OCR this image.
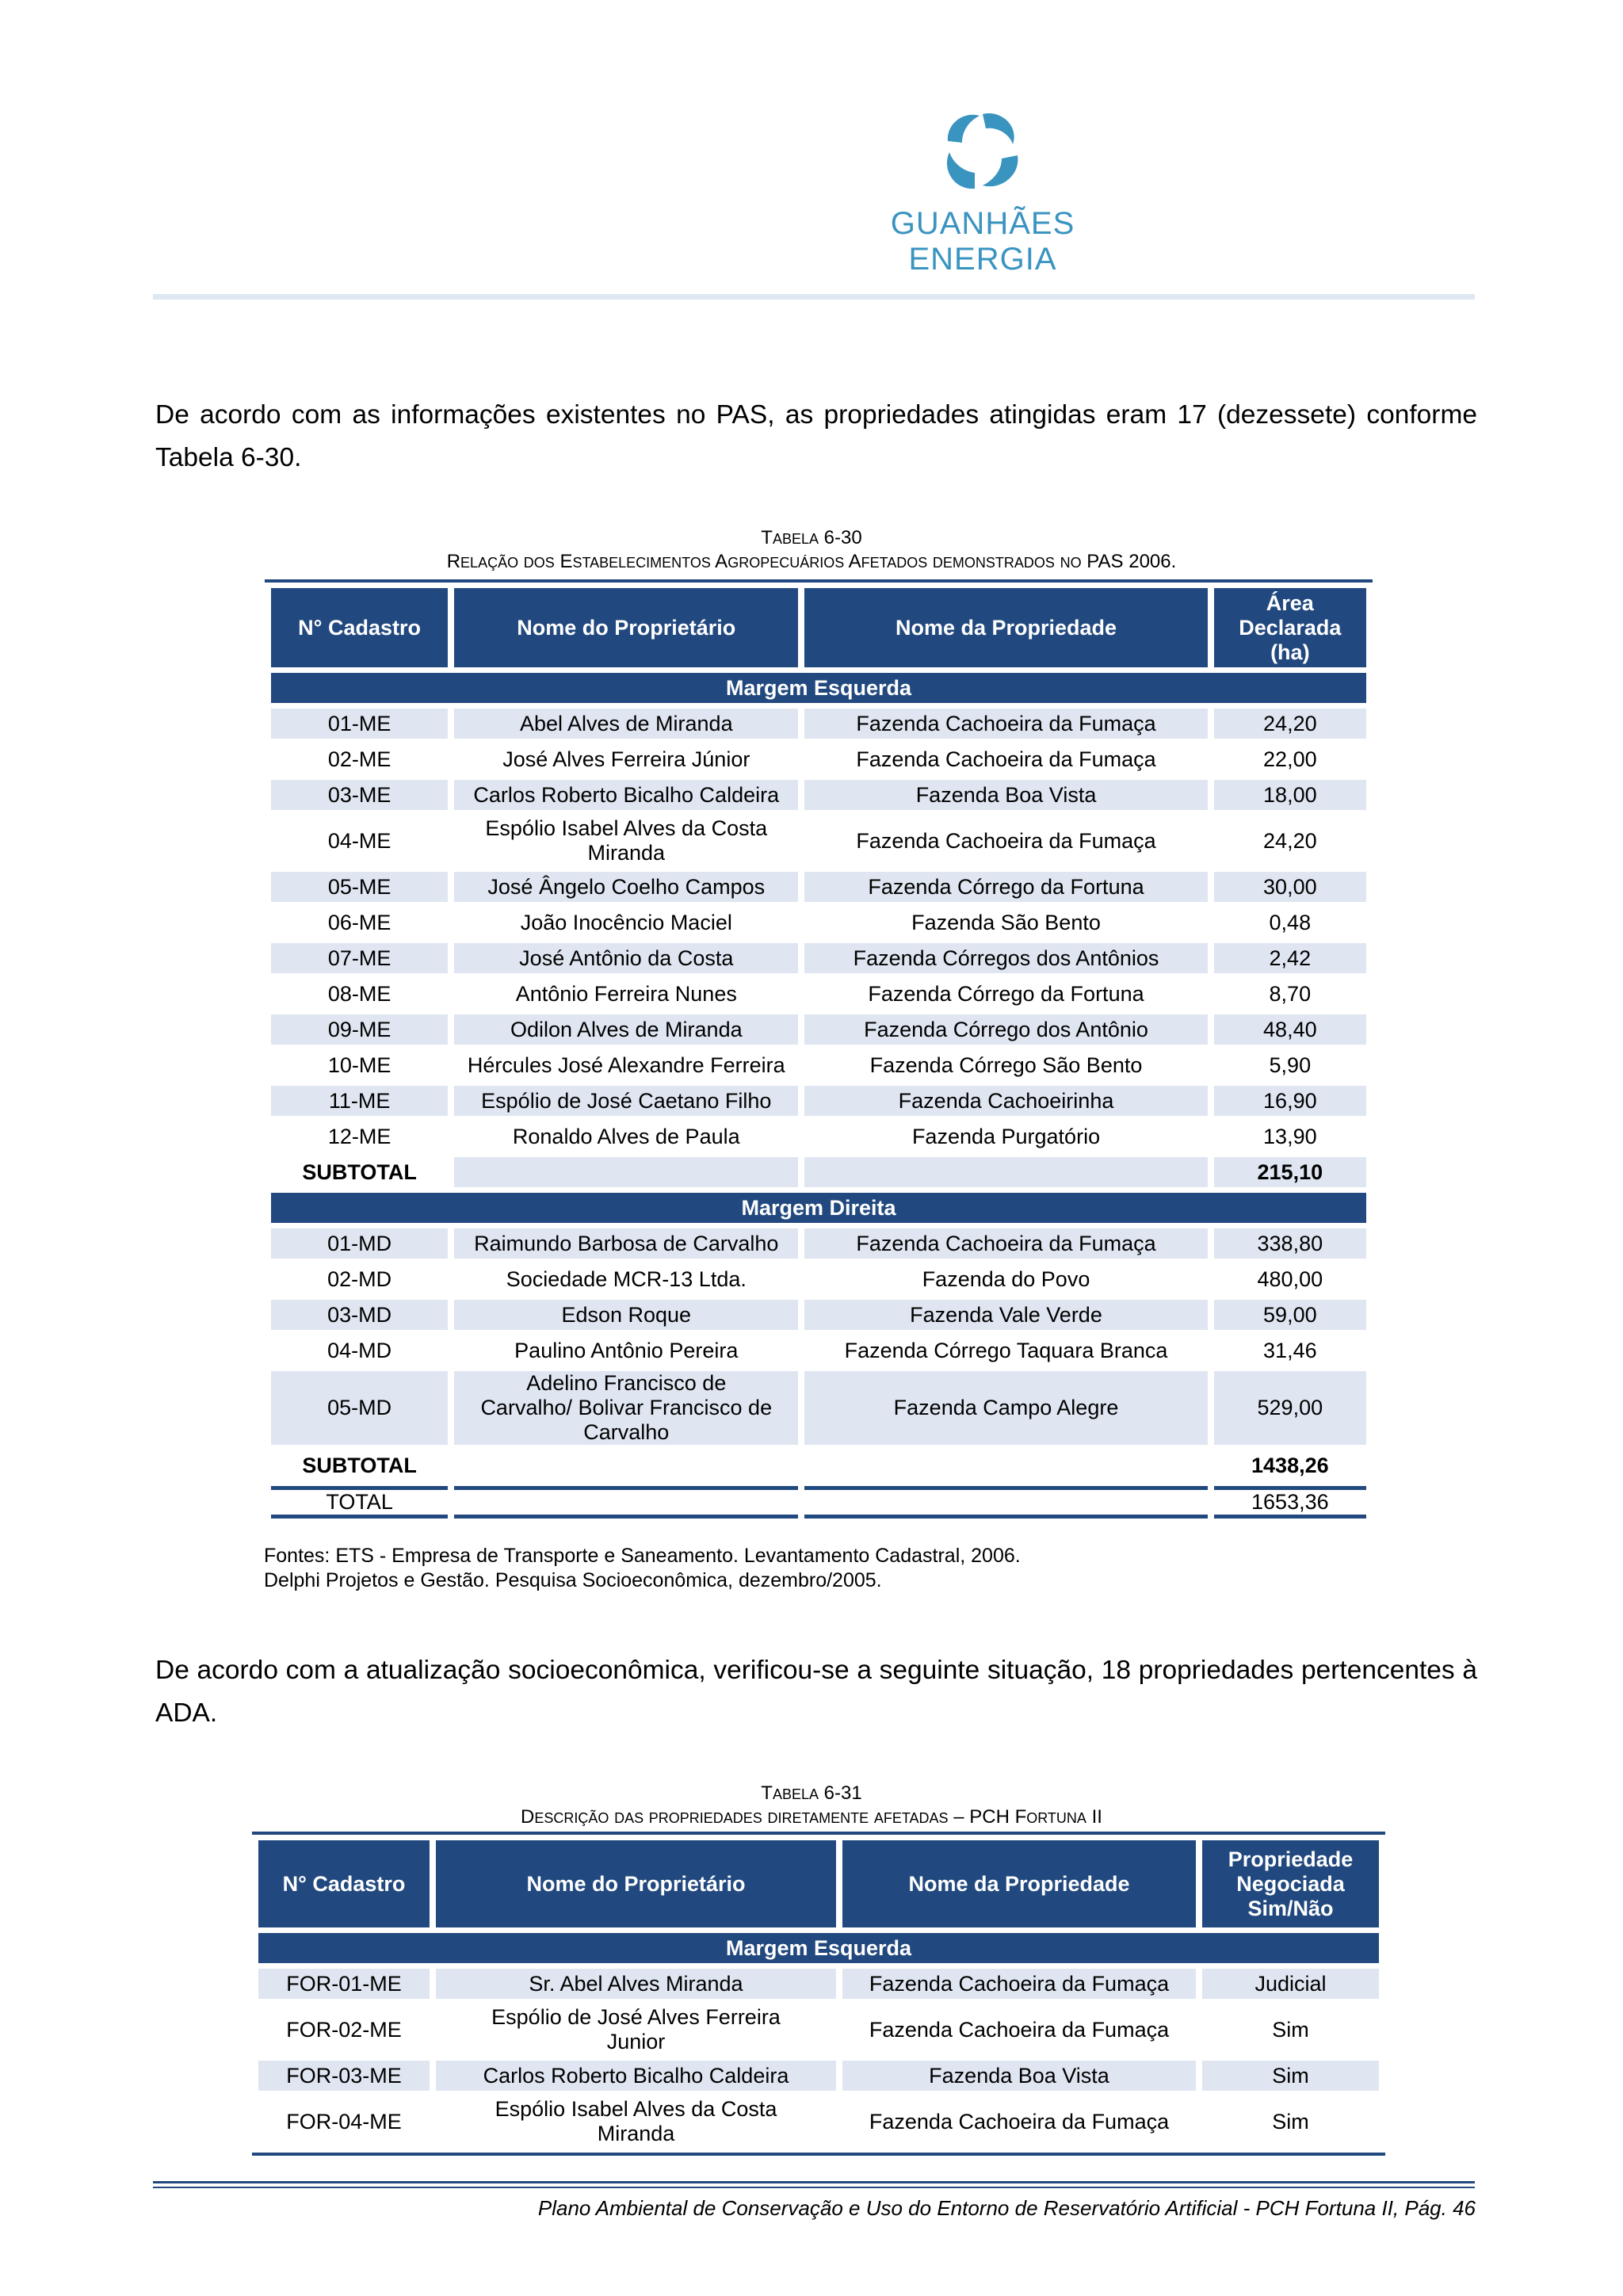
GUANHÃES ENERGIA

De acordo com as informações existentes no PAS, as propriedades atingidas eram 17 (dezessete) conforme Tabela 6-30.

TABELA 6-30
RELAÇÃO DOS ESTABELECIMENTOS AGROPECUÁRIOS AFETADOS DEMONSTRADOS NO PAS 2006.
N° Cadastro	Nome do Proprietário	Nome da Propriedade	Área Declarada (ha)
Margem Esquerda			
01-ME	Abel Alves de Miranda	Fazenda Cachoeira da Fumaça	24,20
02-ME	José Alves Ferreira Júnior	Fazenda Cachoeira da Fumaça	22,00
03-ME	Carlos Roberto Bicalho Caldeira	Fazenda Boa Vista	18,00
04-ME	Espólio Isabel Alves da Costa Miranda	Fazenda Cachoeira da Fumaça	24,20
05-ME	José Ângelo Coelho Campos	Fazenda Córrego da Fortuna	30,00
06-ME	João Inocêncio Maciel	Fazenda São Bento	0,48
07-ME	José Antônio da Costa	Fazenda Córregos dos Antônios	2,42
08-ME	Antônio Ferreira Nunes	Fazenda Córrego da Fortuna	8,70
09-ME	Odilon Alves de Miranda	Fazenda Córrego dos Antônio	48,40
10-ME	Hércules José Alexandre Ferreira	Fazenda Córrego São Bento	5,90
11-ME	Espólio de José Caetano Filho	Fazenda Cachoeirinha	16,90
12-ME	Ronaldo Alves de Paula	Fazenda Purgatório	13,90
SUBTOTAL			215,10
Margem Direita			
01-MD	Raimundo Barbosa de Carvalho	Fazenda Cachoeira da Fumaça	338,80
02-MD	Sociedade MCR-13 Ltda.	Fazenda do Povo	480,00
03-MD	Edson Roque	Fazenda Vale Verde	59,00
04-MD	Paulino Antônio Pereira	Fazenda Córrego Taquara Branca	31,46
05-MD	Adelino Francisco de Carvalho/ Bolivar Francisco de Carvalho	Fazenda Campo Alegre	529,00
SUBTOTAL			1438,26
TOTAL			1653,36
Fontes: ETS - Empresa de Transporte e Saneamento. Levantamento Cadastral, 2006.
Delphi Projetos e Gestão. Pesquisa Socioeconômica, dezembro/2005.

De acordo com a atualização socioeconômica, verificou-se a seguinte situação, 18 propriedades pertencentes à ADA.

TABELA 6-31
DESCRIÇÃO DAS PROPRIEDADES DIRETAMENTE AFETADAS – PCH FORTUNA II
N° Cadastro	Nome do Proprietário	Nome da Propriedade	Propriedade Negociada Sim/Não
Margem Esquerda			
FOR-01-ME	Sr. Abel Alves Miranda	Fazenda Cachoeira da Fumaça	Judicial
FOR-02-ME	Espólio de José Alves Ferreira Junior	Fazenda Cachoeira da Fumaça	Sim
FOR-03-ME	Carlos Roberto Bicalho Caldeira	Fazenda Boa Vista	Sim
FOR-04-ME	Espólio Isabel Alves da Costa Miranda	Fazenda Cachoeira da Fumaça	Sim
Plano Ambiental de Conservação e Uso do Entorno de Reservatório Artificial - PCH Fortuna II, Pág. 46
